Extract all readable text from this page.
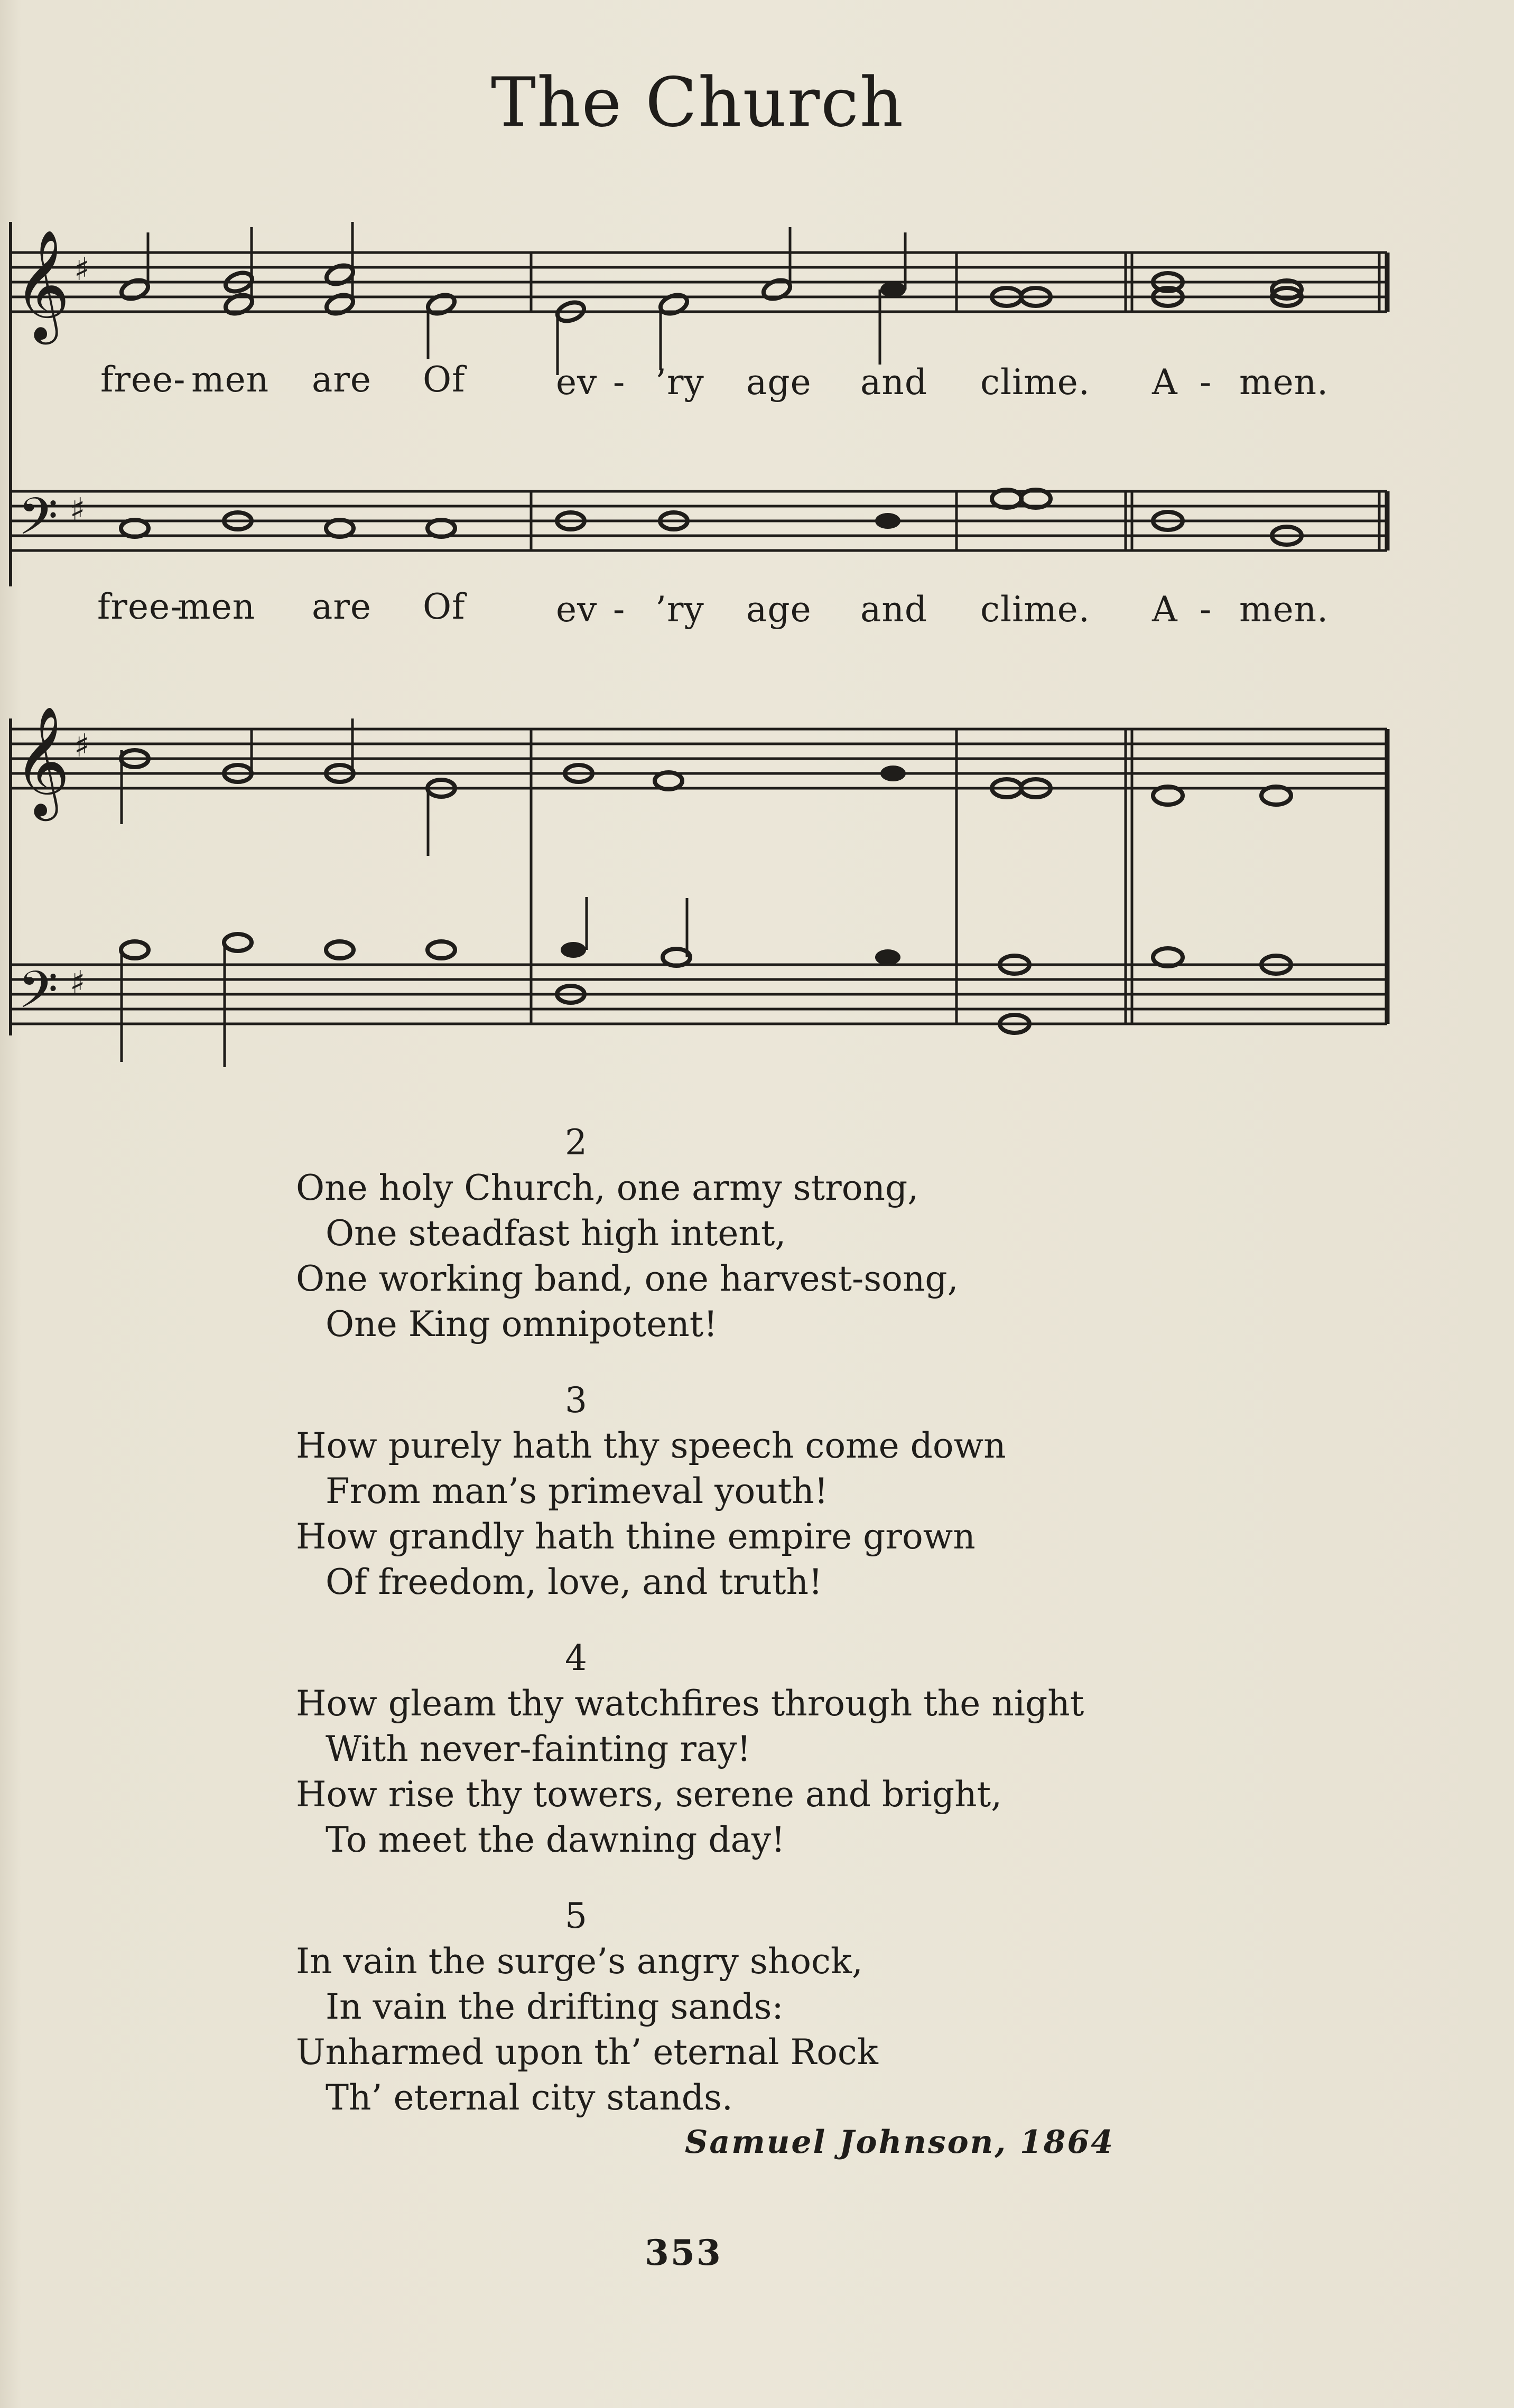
The Church
𝄞
𝄢
𝄞
𝄢
♯
♯
♯
♯
free- men are Of	ev - ’ry age and clime. A - men.
free-
men are Of	ev - ’ry age and clime. A - men.
2
One holy Church, one army strong,
One steadfast high intent,
One working band, one harvest-song,
One King omnipotent!
3
How purely hath thy speech come down
From man’s primeval youth!
How grandly hath thine empire grown
Of freedom, love, and truth!
4
How gleam thy watchfires through the night
With never-fainting ray!
How rise thy towers, serene and bright,
To meet the dawning day!
5
In vain the surge’s angry shock,
In vain the drifting sands:
Unharmed upon th’ eternal Rock
Th’ eternal city stands.
Samuel Johnson, 1864
353
